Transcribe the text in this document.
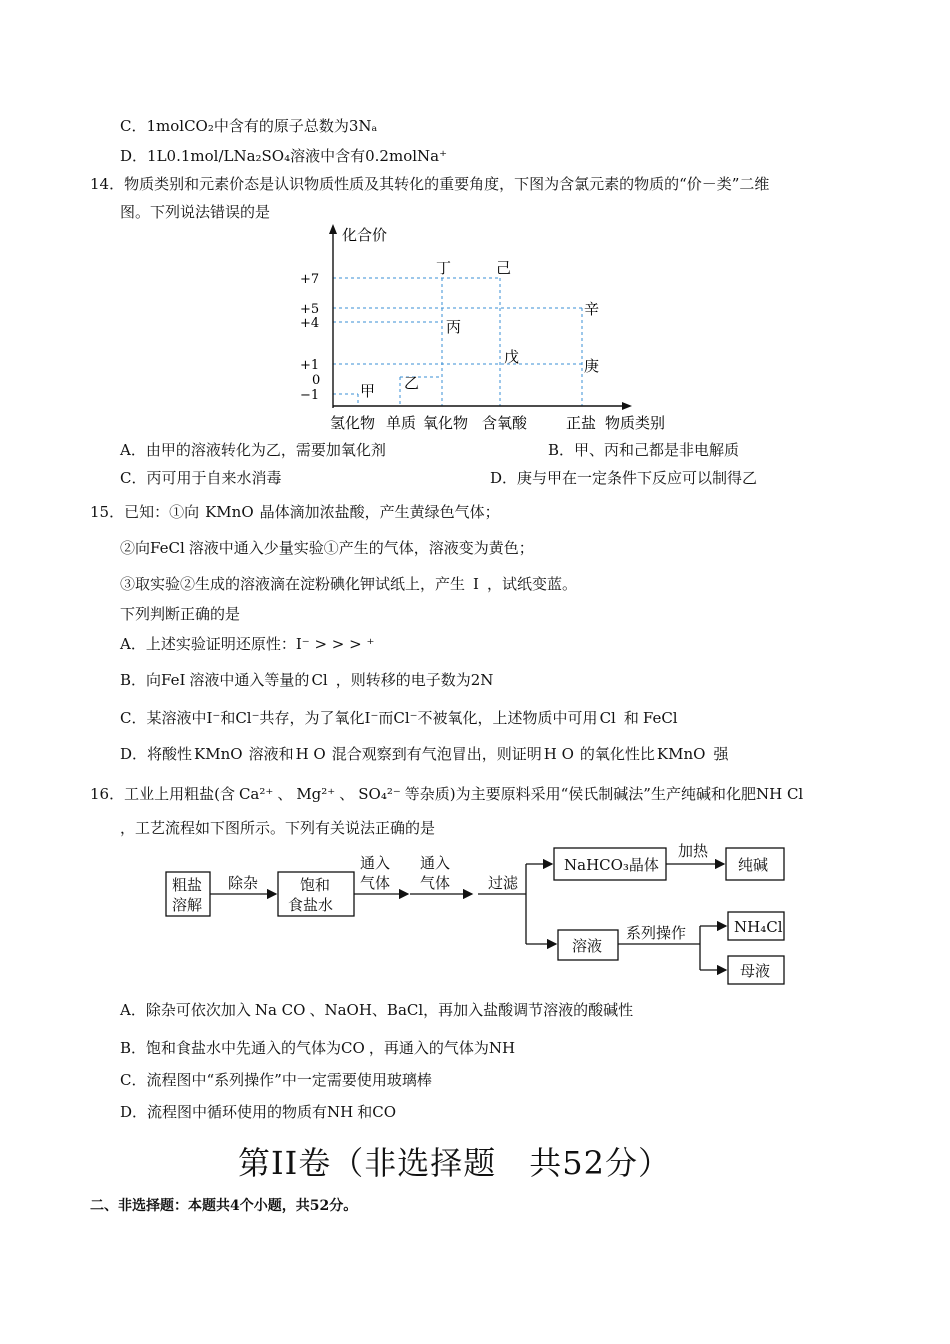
C．1molCO₂中含有的原子总数为3Nₐ
D．1L0.1mol/LNa₂SO₄溶液中含有0.2molNa⁺
14．物质类别和元素价态是认识物质性质及其转化的重要角度，下图为含氯元素的物质的“价－类”二维
图。下列说法错误的是
化合价
+7
+5
+4
+1
0
−1
氢化物 单质 氧化物 含氧酸	正盐 物质类别
甲 乙
丙
丁
戊
己
庚
辛
A．由甲的溶液转化为乙，需要加氧化剂	B．甲、丙和己都是非电解质
C．丙可用于自来水消毒	D．庚与甲在一定条件下反应可以制得乙
15．已知：①向 KMnO 晶体滴加浓盐酸，产生黄绿色气体；
②向FeCl 溶液中通入少量实验①产生的气体，溶液变为黄色；
③取实验②生成的溶液滴在淀粉碘化钾试纸上，产生 I ，试纸变蓝。
下列判断正确的是
A．上述实验证明还原性：I⁻ > > > ⁺
B．向FeI 溶液中通入等量的 Cl ，则转移的电子数为2N
C．某溶液中I⁻和Cl⁻共存，为了氧化I⁻而Cl⁻不被氧化，上述物质中可用 Cl 和 FeCl
D．将酸性 KMnO 溶液和 H O 混合观察到有气泡冒出，则证明 H O 的氧化性比 KMnO 强
16．工业上用粗盐(含 Ca²⁺ 、 Mg²⁺ 、 SO₄²⁻ 等杂质)为主要原料采用“侯氏制碱法”生产纯碱和化肥NH Cl
，工艺流程如下图所示。下列有关说法正确的是
粗盐
溶解
除杂	饱和
食盐水
通入
气体
通入
气体	过滤
NaHCO₃晶体
加热
纯碱
溶液
系列操作	NH₄Cl
母液
A．除杂可依次加入 Na CO 、NaOH、BaCl，再加入盐酸调节溶液的酸碱性
B．饱和食盐水中先通入的气体为CO ，再通入的气体为NH
C．流程图中“系列操作”中一定需要使用玻璃棒
D．流程图中循环使用的物质有NH 和CO
第II卷（非选择题　共52分）
二、非选择题：本题共4个小题，共52分。
